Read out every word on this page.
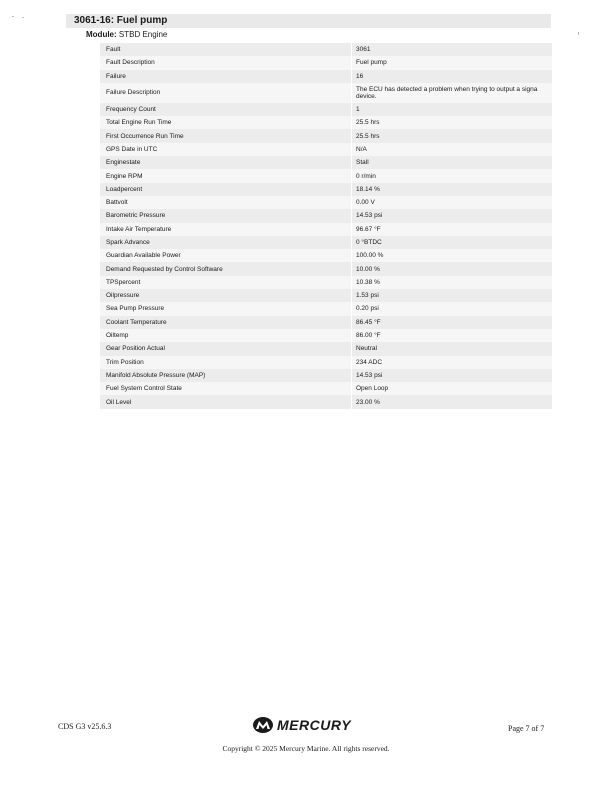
3061-16: Fuel pump
Module: STBD Engine
Fault	3061
Fault Description	Fuel pump
Failure	16
Failure Description	The ECU has detected a problem when trying to output a signa device.
Frequency Count	1
Total Engine Run Time	25.5 hrs
First Occurrence Run Time	25.5 hrs
GPS Date in UTC	N/A
Enginestate	Stall
Engine RPM	0 r/min
Loadpercent	18.14 %
Battvolt	0.00 V
Barometric Pressure	14.53 psi
Intake Air Temperature	96.67 °F
Spark Advance	0 °BTDC
Guardian Available Power	100.00 %
Demand Requested by Control Software	10.00 %
TPSpercent	10.38 %
Oilpressure	1.53 psi
Sea Pump Pressure	0.20 psi
Coolant Temperature	86.45 °F
Oiltemp	86.00 °F
Gear Position Actual	Neutral
Trim Position	234 ADC
Manifold Absolute Pressure (MAP)	14.53 psi
Fuel System Control State	Open Loop
Oil Level	23.00 %
CDS G3 v25.6.3	MERCURY	Page 7 of 7
Copyright © 2025 Mercury Marine. All rights reserved.
